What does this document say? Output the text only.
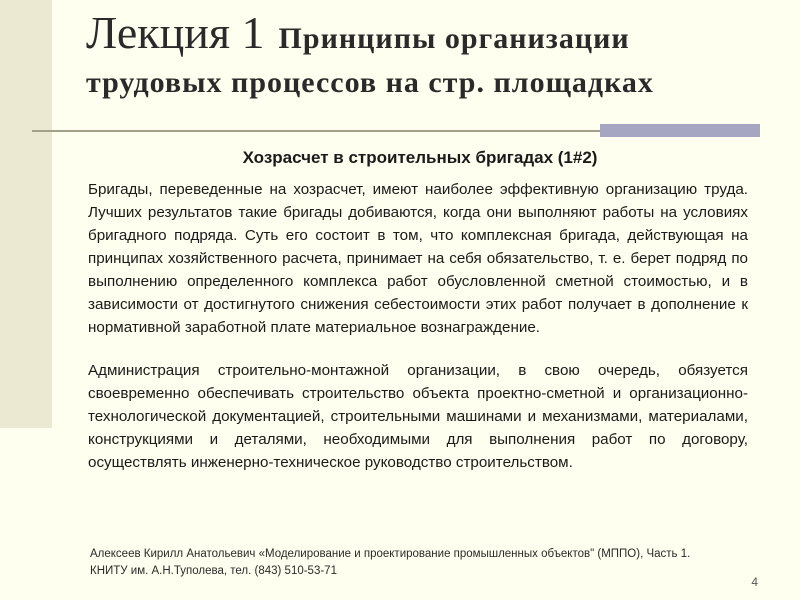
Лекция 1 Принципы организации
трудовых процессов на стр. площадках
Хозрасчет в строительных бригадах (1#2)

Бригады, переведенные на хозрасчет, имеют наиболее эффективную организацию труда. Лучших результатов такие бригады добиваются, когда они выполняют работы на условиях бригадного подряда. Суть его состоит в том, что комплексная бригада, действующая на принципах хозяйственного расчета, принимает на себя обязательство, т. е. берет подряд по выполнению определенного комплекса работ обусловленной сметной стоимостью, и в зависимости от достигнутого снижения себестоимости этих работ получает в дополнение к нормативной заработной плате материальное вознаграждение.

Администрация строительно-монтажной организации, в свою очередь, обязуется своевременно обеспечивать строительство объекта проектно-сметной и организационно-технологической документацией, строительными машинами и механизмами, материалами, конструкциями и деталями, необходимыми для выполнения работ по договору, осуществлять инженерно-техническое руководство строительством.

Алексеев Кирилл Анатольевич «Моделирование и проектирование промышленных объектов" (МППО), Часть 1.
КНИТУ им. А.Н.Туполева, тел. (843) 510-53-71
4
